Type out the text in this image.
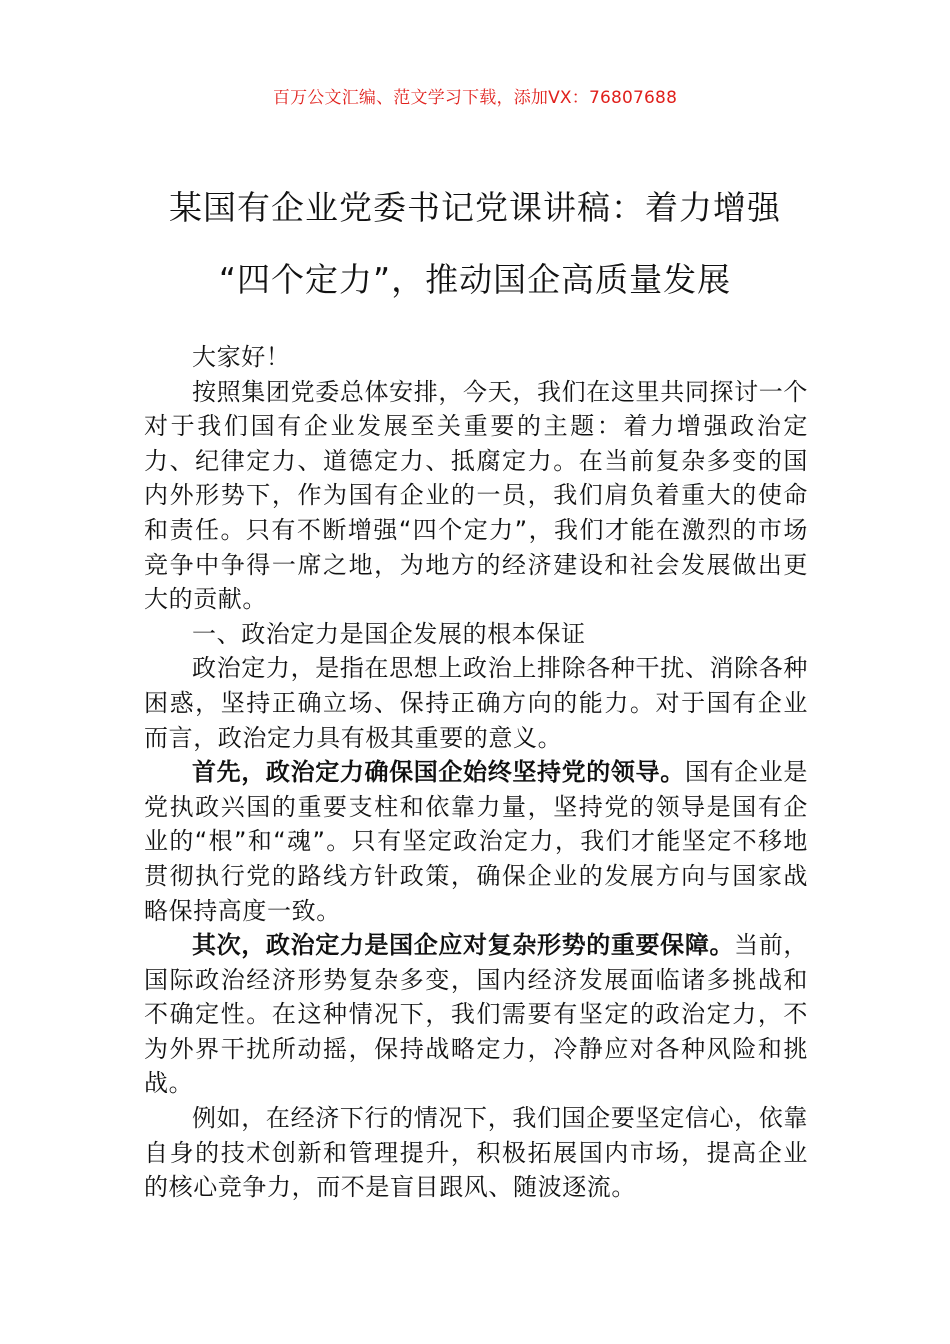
百万公文汇编、范文学习下载，添加VX：76807688
某国有企业党委书记党课讲稿：着力增强
“四个定力”，推动国企高质量发展

大家好！

按照集团党委总体安排，今天，我们在这里共同探讨一个对于我们国有企业发展至关重要的主题：着力增强政治定力、纪律定力、道德定力、抵腐定力。在当前复杂多变的国内外形势下，作为国有企业的一员，我们肩负着重大的使命和责任。只有不断增强“四个定力”，我们才能在激烈的市场竞争中争得一席之地，为地方的经济建设和社会发展做出更大的贡献。

一、政治定力是国企发展的根本保证

政治定力，是指在思想上政治上排除各种干扰、消除各种困惑，坚持正确立场、保持正确方向的能力。对于国有企业而言，政治定力具有极其重要的意义。

首先，政治定力确保国企始终坚持党的领导。国有企业是党执政兴国的重要支柱和依靠力量，坚持党的领导是国有企业的“根”和“魂”。只有坚定政治定力，我们才能坚定不移地贯彻执行党的路线方针政策，确保企业的发展方向与国家战略保持高度一致。

其次，政治定力是国企应对复杂形势的重要保障。当前，国际政治经济形势复杂多变，国内经济发展面临诸多挑战和不确定性。在这种情况下，我们需要有坚定的政治定力，不为外界干扰所动摇，保持战略定力，冷静应对各种风险和挑战。

例如，在经济下行的情况下，我们国企要坚定信心，依靠自身的技术创新和管理提升，积极拓展国内市场，提高企业的核心竞争力，而不是盲目跟风、随波逐流。
